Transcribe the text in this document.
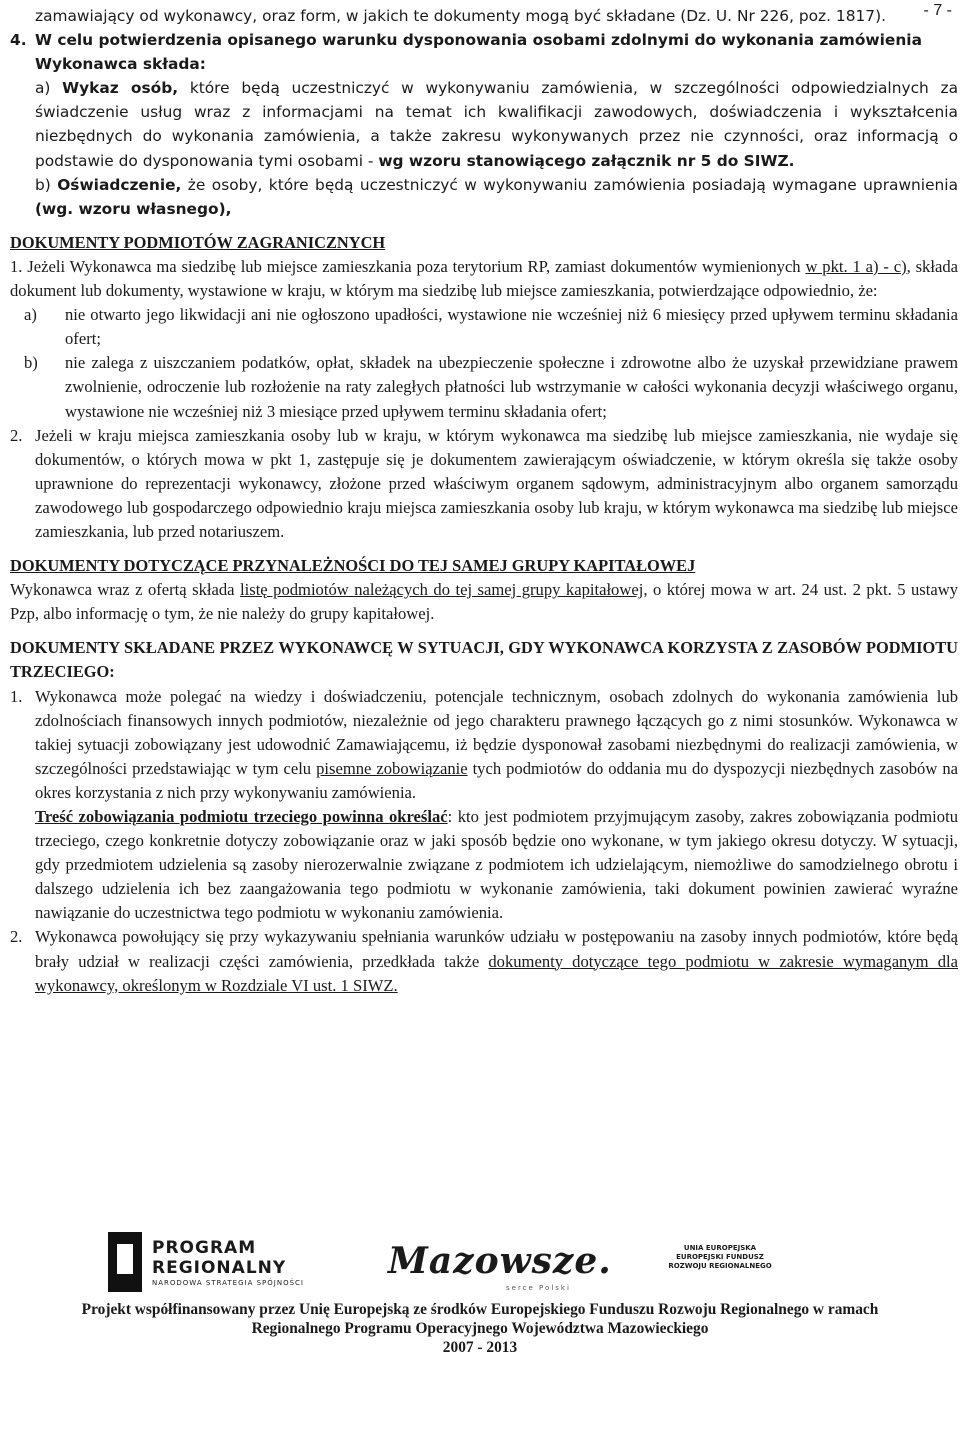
- 7 -

zamawiający od wykonawcy, oraz form, w jakich te dokumenty mogą być składane (Dz. U. Nr 226, poz. 1817).

4. W celu potwierdzenia opisanego warunku dysponowania osobami zdolnymi do wykonania zamówienia Wykonawca składa:

a) Wykaz osób, które będą uczestniczyć w wykonywaniu zamówienia, w szczególności odpowiedzialnych za świadczenie usług wraz z informacjami na temat ich kwalifikacji zawodowych, doświadczenia i wykształcenia niezbędnych do wykonania zamówienia, a także zakresu wykonywanych przez nie czynności, oraz informacją o podstawie do dysponowania tymi osobami - wg wzoru stanowiącego załącznik nr 5 do SIWZ.

b) Oświadczenie, że osoby, które będą uczestniczyć w wykonywaniu zamówienia posiadają wymagane uprawnienia (wg. wzoru własnego),

DOKUMENTY PODMIOTÓW ZAGRANICZNYCH

1. Jeżeli Wykonawca ma siedzibę lub miejsce zamieszkania poza terytorium RP, zamiast dokumentów wymienionych w pkt. 1 a) - c), składa dokument lub dokumenty, wystawione w kraju, w którym ma siedzibę lub miejsce zamieszkania, potwierdzające odpowiednio, że:

a) nie otwarto jego likwidacji ani nie ogłoszono upadłości, wystawione nie wcześniej niż 6 miesięcy przed upływem terminu składania ofert;

b) nie zalega z uiszczaniem podatków, opłat, składek na ubezpieczenie społeczne i zdrowotne albo że uzyskał przewidziane prawem zwolnienie, odroczenie lub rozłożenie na raty zaległych płatności lub wstrzymanie w całości wykonania decyzji właściwego organu, wystawione nie wcześniej niż 3 miesiące przed upływem terminu składania ofert;

2. Jeżeli w kraju miejsca zamieszkania osoby lub w kraju, w którym wykonawca ma siedzibę lub miejsce zamieszkania, nie wydaje się dokumentów, o których mowa w pkt 1, zastępuje się je dokumentem zawierającym oświadczenie, w którym określa się także osoby uprawnione do reprezentacji wykonawcy, złożone przed właściwym organem sądowym, administracyjnym albo organem samorządu zawodowego lub gospodarczego odpowiednio kraju miejsca zamieszkania osoby lub kraju, w którym wykonawca ma siedzibę lub miejsce zamieszkania, lub przed notariuszem.

DOKUMENTY DOTYCZĄCE PRZYNALEŻNOŚCI DO TEJ SAMEJ GRUPY KAPITAŁOWEJ

Wykonawca wraz z ofertą składa listę podmiotów należących do tej samej grupy kapitałowej, o której mowa w art. 24 ust. 2 pkt. 5 ustawy Pzp, albo informację o tym, że nie należy do grupy kapitałowej.

DOKUMENTY SKŁADANE PRZEZ WYKONAWCĘ W SYTUACJI, GDY WYKONAWCA KORZYSTA Z ZASOBÓW PODMIOTU TRZECIEGO:

1. Wykonawca może polegać na wiedzy i doświadczeniu, potencjale technicznym, osobach zdolnych do wykonania zamówienia lub zdolnościach finansowych innych podmiotów, niezależnie od jego charakteru prawnego łączących go z nimi stosunków. Wykonawca w takiej sytuacji zobowiązany jest udowodnić Zamawiającemu, iż będzie dysponował zasobami niezbędnymi do realizacji zamówienia, w szczególności przedstawiając w tym celu pisemne zobowiązanie tych podmiotów do oddania mu do dyspozycji niezbędnych zasobów na okres korzystania z nich przy wykonywaniu zamówienia.

Treść zobowiązania podmiotu trzeciego powinna określać: kto jest podmiotem przyjmującym zasoby, zakres zobowiązania podmiotu trzeciego, czego konkretnie dotyczy zobowiązanie oraz w jaki sposób będzie ono wykonane, w tym jakiego okresu dotyczy. W sytuacji, gdy przedmiotem udzielenia są zasoby nierozerwalnie związane z podmiotem ich udzielającym, niemożliwe do samodzielnego obrotu i dalszego udzielenia ich bez zaangażowania tego podmiotu w wykonanie zamówienia, taki dokument powinien zawierać wyraźne nawiązanie do uczestnictwa tego podmiotu w wykonaniu zamówienia.

2. Wykonawca powołujący się przy wykazywaniu spełniania warunków udziału w postępowaniu na zasoby innych podmiotów, które będą brały udział w realizacji części zamówienia, przedkłada także dokumenty dotyczące tego podmiotu w zakresie wymaganym dla wykonawcy, określonym w Rozdziale VI ust. 1 SIWZ.

PROGRAM
REGIONALNY
NARODOWA STRATEGIA SPÓJNOŚCI
Mazowsze.
serce Polski
UNIA EUROPEJSKA
EUROPEJSKI FUNDUSZ
ROZWOJU REGIONALNEGO
Projekt współfinansowany przez Unię Europejską ze środków Europejskiego Funduszu Rozwoju Regionalnego w ramach
Regionalnego Programu Operacyjnego Województwa Mazowieckiego
2007 - 2013
